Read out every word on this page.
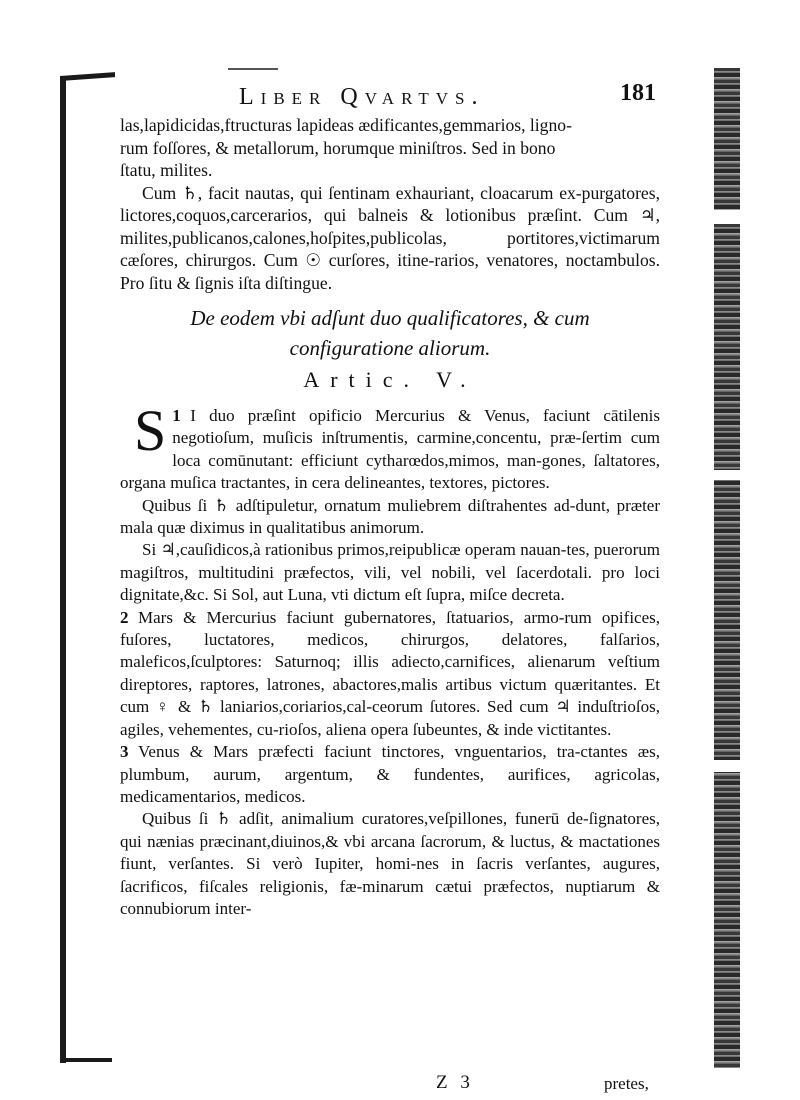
Liber Qvartvs.	181

las,lapidicidas,ftructuras lapideas ædificantes,gemmarios, ligno-

rum foſſores, & metallorum, horumque miniſtros. Sed in bono

ſtatu, milites.

Cum ♄, facit nautas, qui ſentinam exhauriant, cloacarum ex-purgatores, lictores,coquos,carcerarios, qui balneis & lotionibus præſint. Cum ♃, milites,publicanos,calones,hoſpites,publicolas, portitores,victimarum cæſores, chirurgos. Cum ☉ curſores, itine-rarios, venatores, noctambulos. Pro ſitu & ſignis iſta diſtingue.

De eodem vbi adſunt duo qualificatores, & cum
configuratione aliorum.
Artic. V.

1
S I duo præſint opificio Mercurius & Venus, faciunt cātilenis negotioſum, muſicis inſtrumentis, carmine,concentu, præ-ſertim cum loca comūnutant: efficiunt cytharœdos,mimos, man-gones, ſaltatores, organa muſica tractantes, in cera delineantes, textores, pictores.

Quibus ſi ♄ adſtipuletur, ornatum muliebrem diſtrahentes ad-dunt, præter mala quæ diximus in qualitatibus animorum.

Si ♃,cauſidicos,à rationibus primos,reipublicæ operam nauan-tes, puerorum magiſtros, multitudini præfectos, vili, vel nobili, vel ſacerdotali. pro loci dignitate,&c. Si Sol, aut Luna, vti dictum eſt ſupra, miſce decreta.

2 Mars & Mercurius faciunt gubernatores, ſtatuarios, armo-rum opifices, fuſores, luctatores, medicos, chirurgos, delatores, falſarios, maleficos,ſculptores: Saturnoq; illis adiecto,carnifices, alienarum veſtium direptores, raptores, latrones, abactores,malis artibus victum quæritantes. Et cum ♀ & ♄ laniarios,coriarios,cal-ceorum ſutores. Sed cum ♃ induſtrioſos, agiles, vehementes, cu-rioſos, aliena opera ſubeuntes, & inde victitantes.

3 Venus & Mars præfecti faciunt tinctores, vnguentarios, tra-ctantes æs, plumbum, aurum, argentum, & fundentes, aurifices, agricolas, medicamentarios, medicos.

Quibus ſi ♄ adſit, animalium curatores,veſpillones, funerū de-ſignatores, qui nænias præcinant,diuinos,& vbi arcana ſacrorum, & luctus, & mactationes fiunt, verſantes. Si verò Iupiter, homi-nes in ſacris verſantes, augures, ſacrificos, fiſcales religionis, fæ-minarum cætui præfectos, nuptiarum & connubiorum inter-

Z 3	pretes,
